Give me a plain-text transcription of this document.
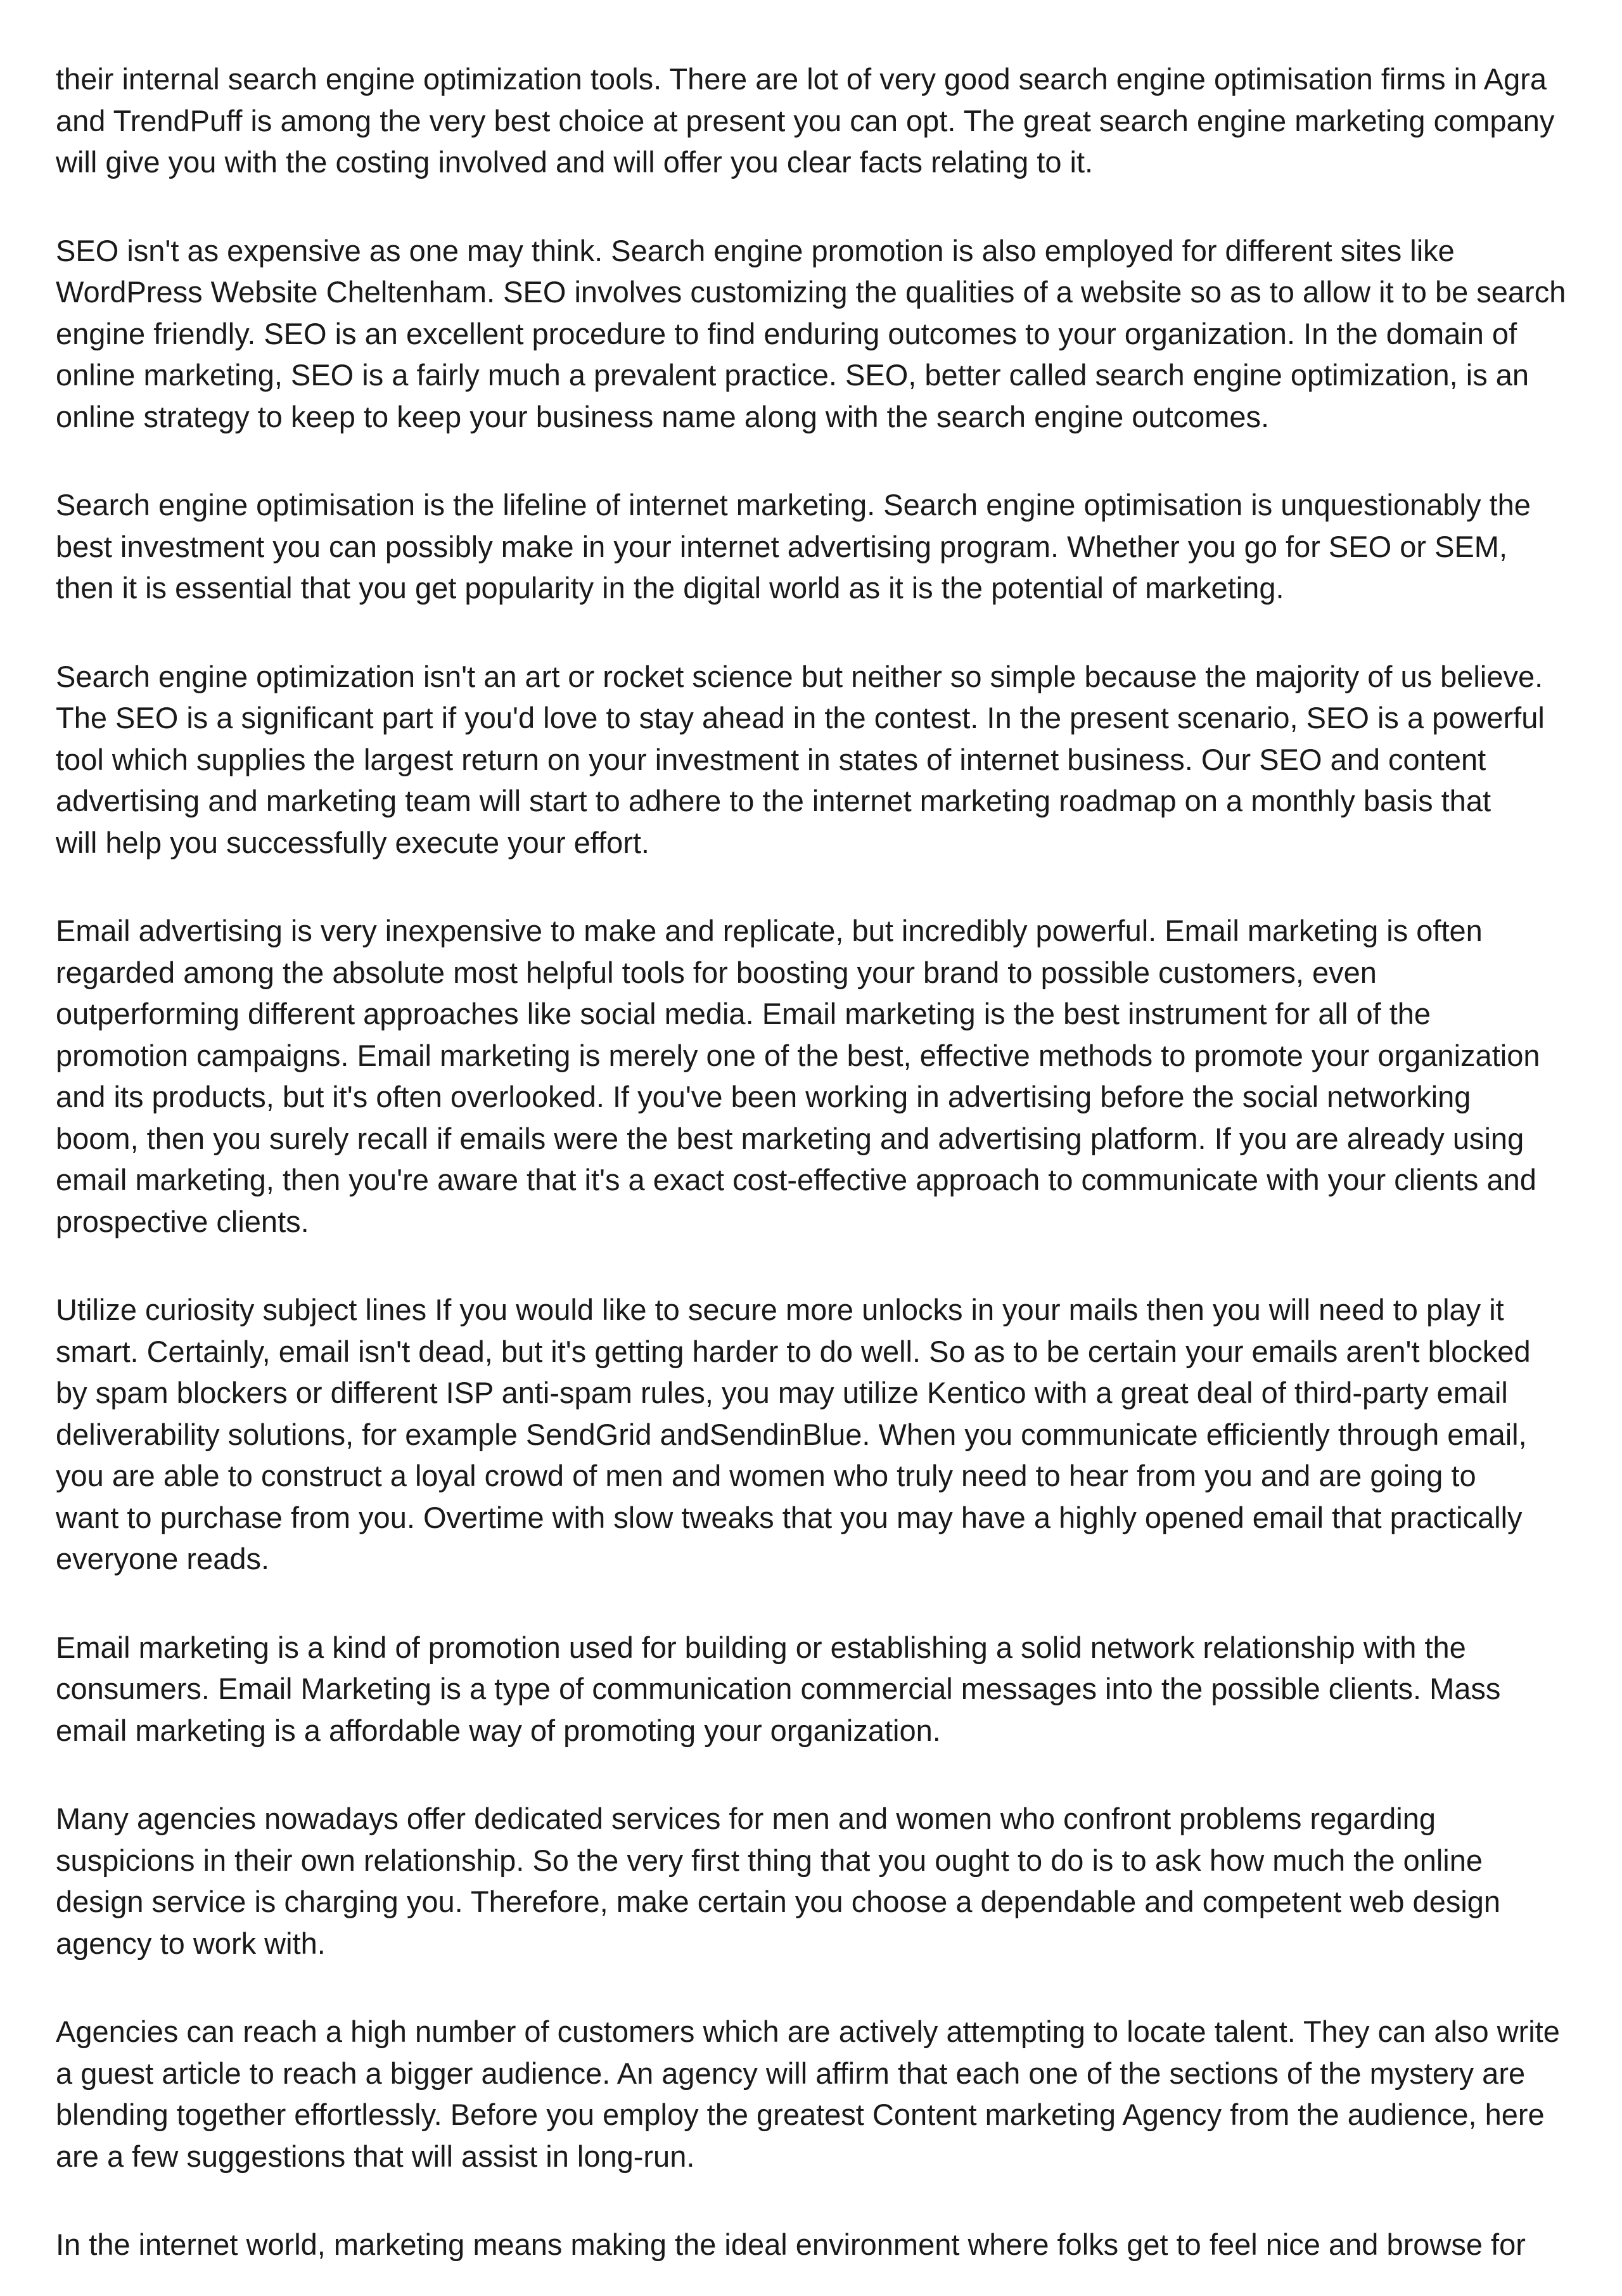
their internal search engine optimization tools. There are lot of very good search engine optimisation firms in Agra
and TrendPuff is among the very best choice at present you can opt. The great search engine marketing company
will give you with the costing involved and will offer you clear facts relating to it.

SEO isn't as expensive as one may think. Search engine promotion is also employed for different sites like
WordPress Website Cheltenham. SEO involves customizing the qualities of a website so as to allow it to be search
engine friendly. SEO is an excellent procedure to find enduring outcomes to your organization. In the domain of
online marketing, SEO is a fairly much a prevalent practice. SEO, better called search engine optimization, is an
online strategy to keep to keep your business name along with the search engine outcomes.

Search engine optimisation is the lifeline of internet marketing. Search engine optimisation is unquestionably the
best investment you can possibly make in your internet advertising program. Whether you go for SEO or SEM,
then it is essential that you get popularity in the digital world as it is the potential of marketing.

Search engine optimization isn't an art or rocket science but neither so simple because the majority of us believe.
The SEO is a significant part if you'd love to stay ahead in the contest. In the present scenario, SEO is a powerful
tool which supplies the largest return on your investment in states of internet business. Our SEO and content
advertising and marketing team will start to adhere to the internet marketing roadmap on a monthly basis that
will help you successfully execute your effort.

Email advertising is very inexpensive to make and replicate, but incredibly powerful. Email marketing is often
regarded among the absolute most helpful tools for boosting your brand to possible customers, even
outperforming different approaches like social media. Email marketing is the best instrument for all of the
promotion campaigns. Email marketing is merely one of the best, effective methods to promote your organization
and its products, but it's often overlooked. If you've been working in advertising before the social networking
boom, then you surely recall if emails were the best marketing and advertising platform. If you are already using
email marketing, then you're aware that it's a exact cost-effective approach to communicate with your clients and
prospective clients.

Utilize curiosity subject lines If you would like to secure more unlocks in your mails then you will need to play it
smart. Certainly, email isn't dead, but it's getting harder to do well. So as to be certain your emails aren't blocked
by spam blockers or different ISP anti-spam rules, you may utilize Kentico with a great deal of third-party email
deliverability solutions, for example SendGrid andSendinBlue. When you communicate efficiently through email,
you are able to construct a loyal crowd of men and women who truly need to hear from you and are going to
want to purchase from you. Overtime with slow tweaks that you may have a highly opened email that practically
everyone reads.

Email marketing is a kind of promotion used for building or establishing a solid network relationship with the
consumers. Email Marketing is a type of communication commercial messages into the possible clients. Mass
email marketing is a affordable way of promoting your organization.

Many agencies nowadays offer dedicated services for men and women who confront problems regarding
suspicions in their own relationship. So the very first thing that you ought to do is to ask how much the online
design service is charging you. Therefore, make certain you choose a dependable and competent web design
agency to work with.

Agencies can reach a high number of customers which are actively attempting to locate talent. They can also write
a guest article to reach a bigger audience. An agency will affirm that each one of the sections of the mystery are
blending together effortlessly. Before you employ the greatest Content marketing Agency from the audience, here
are a few suggestions that will assist in long-run.

In the internet world, marketing means making the ideal environment where folks get to feel nice and browse for
